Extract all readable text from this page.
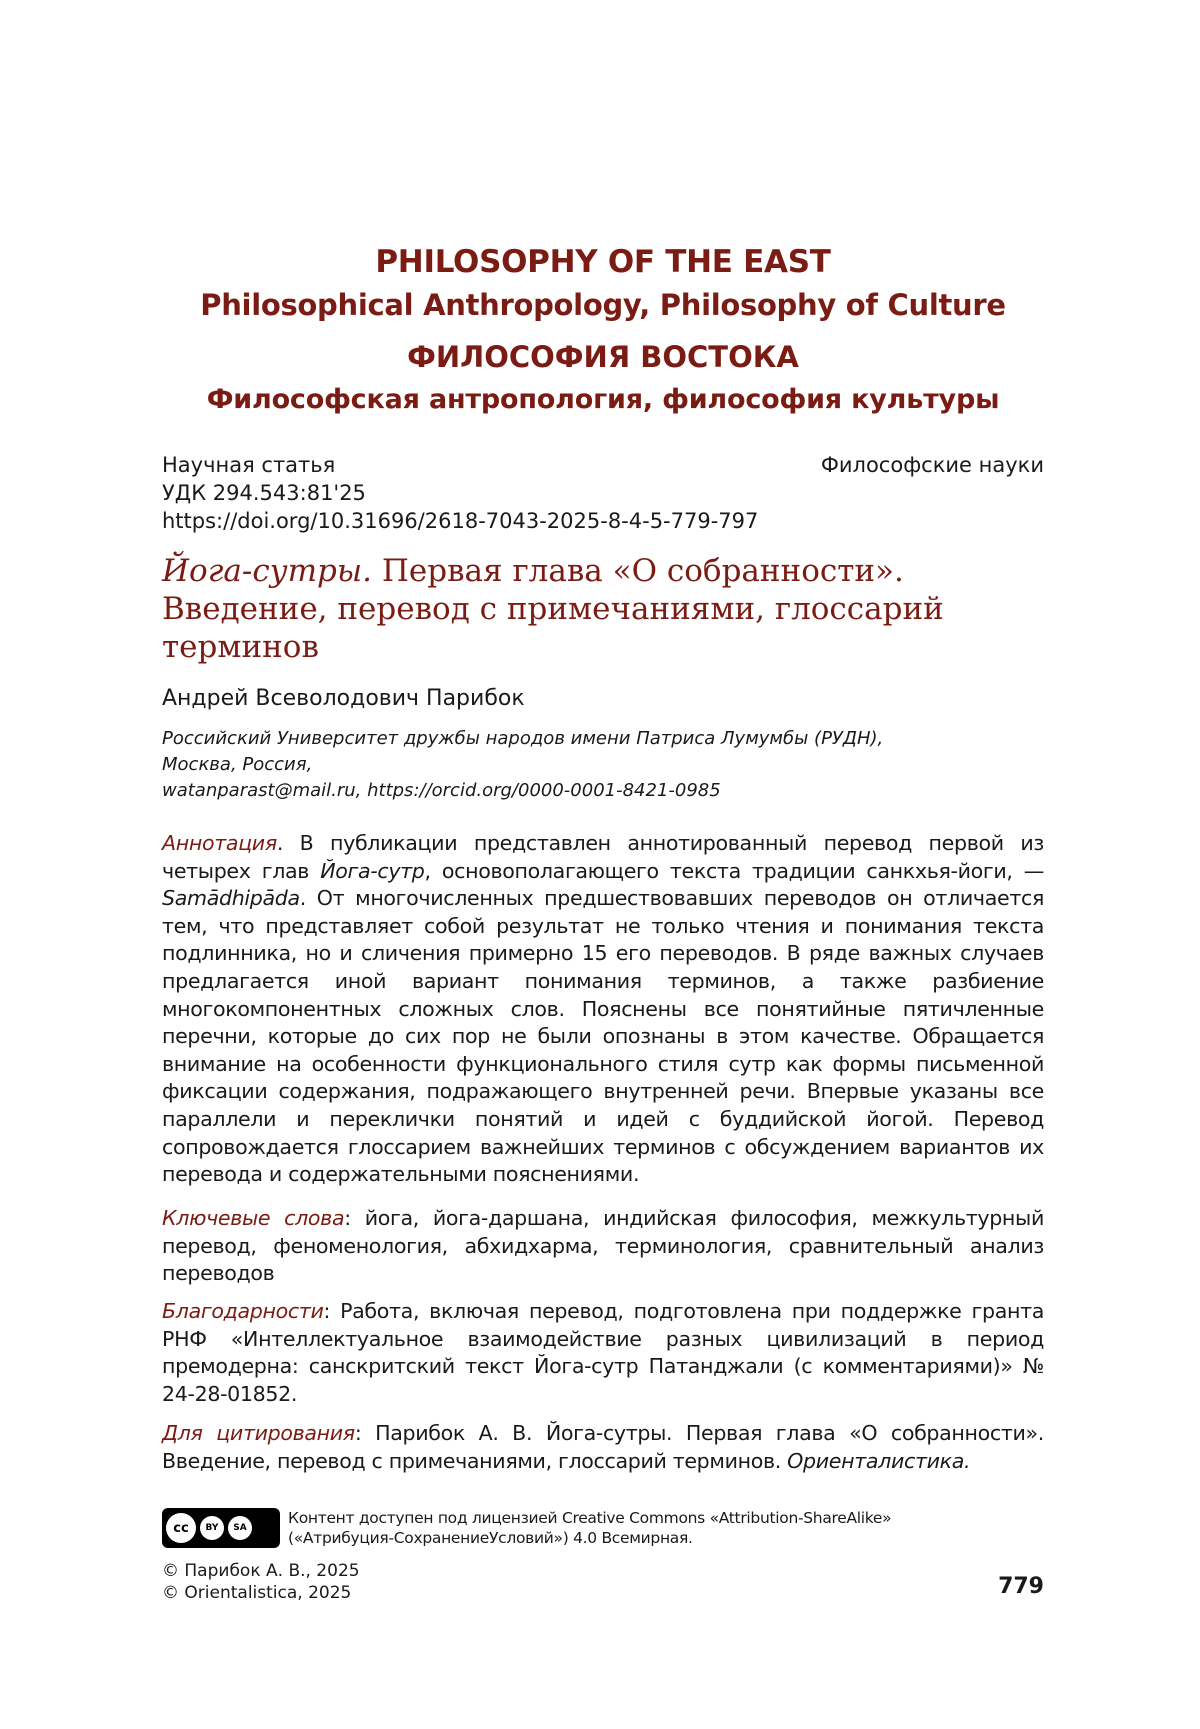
PHILOSOPHY OF THE EAST
Philosophical Anthropology, Philosophy of Culture
ФИЛОСОФИЯ ВОСТОКА
Философская антропология, философия культуры
Научная статья	Философские науки
УДК 294.543:81'25
https://doi.org/10.31696/2618-7043-2025-8-4-5-779-797
Йога-сутры. Первая глава «О собранности». Введение, перевод с примечаниями, глоссарий терминов
Андрей Всеволодович Парибок
Российский Университет дружбы народов имени Патриса Лумумбы (РУДН),
Москва, Россия,
watanparast@mail.ru, https://orcid.org/0000-0001-8421-0985
Аннотация. В публикации представлен аннотированный перевод первой из четырех глав Йога-сутр, основополагающего текста традиции санкхья-йоги, — Samādhipāda. От многочисленных предшествовавших переводов он отличается тем, что представляет собой результат не только чтения и понимания текста подлинника, но и сличения примерно 15 его переводов. В ряде важных случаев предлагается иной вариант понимания терминов, а также разбиение многокомпонентных сложных слов. Пояснены все понятийные пятичленные перечни, которые до сих пор не были опознаны в этом качестве. Обращается внимание на особенности функционального стиля сутр как формы письменной фиксации содержания, подражающего внутренней речи. Впервые указаны все параллели и переклички понятий и идей с буддийской йогой. Перевод сопровождается глоссарием важнейших терминов с обсуждением вариантов их перевода и содержательными пояснениями.
Ключевые слова: йога, йога-даршана, индийская философия, межкультурный перевод, феноменология, абхидхарма, терминология, сравнительный анализ переводов
Благодарности: Работа, включая перевод, подготовлена при поддержке гранта РНФ «Интеллектуальное взаимодействие разных цивилизаций в период премодерна: санскритский текст Йога-сутр Патанджали (с комментариями)» № 24-28-01852.
Для цитирования: Парибок А. В. Йога-сутры. Первая глава «О собранности». Введение, перевод с примечаниями, глоссарий терминов. Ориенталистика.
cc	BY	SA
Контент доступен под лицензией Creative Commons «Attribution-ShareAlike»
(«Атрибуция-СохранениеУсловий») 4.0 Всемирная.
© Парибок А. В., 2025
© Orientalistica, 2025	779
